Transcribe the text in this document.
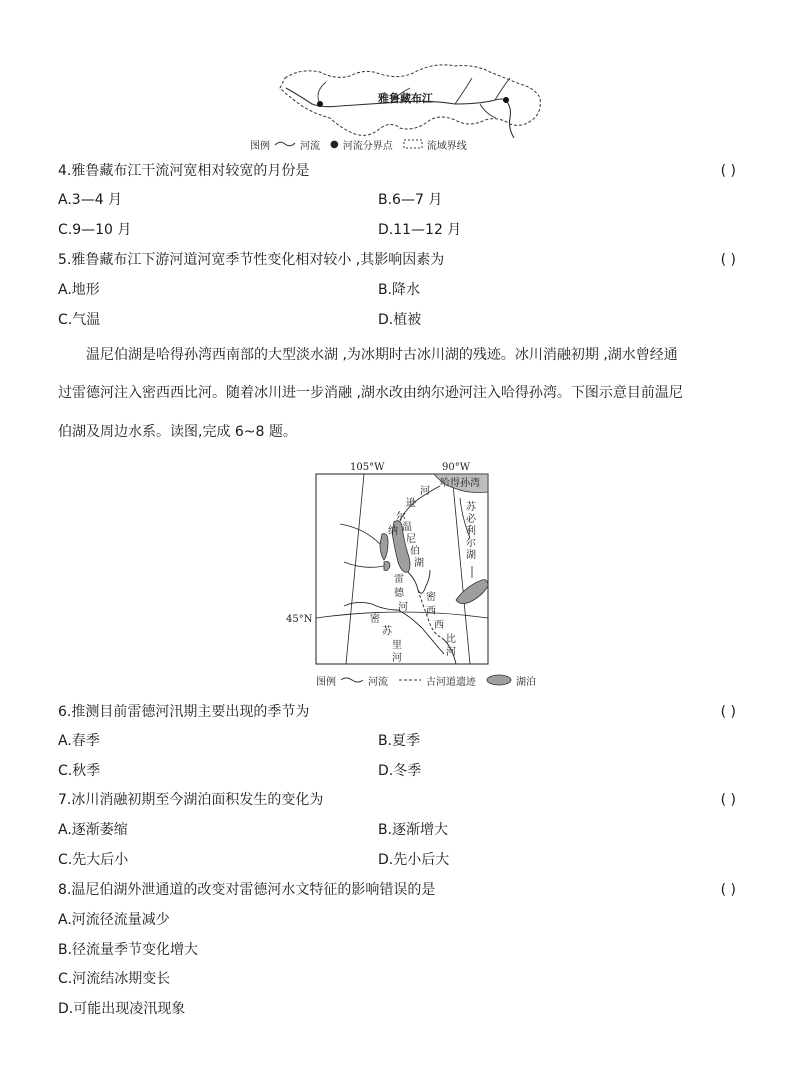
雅鲁藏布江
图例	河流 ● 河流分界点	流域界线
4.雅鲁藏布江干流河宽相对较宽的月份是	( )
A.3—4 月	B.6—7 月
C.9—10 月	D.11—12 月
5.雅鲁藏布江下游河道河宽季节性变化相对较小 ,其影响因素为	( )
A.地形	B.降水
C.气温	D.植被
温尼伯湖是哈得孙湾西南部的大型淡水湖 ,为冰期时古冰川湖的残迹。冰川消融初期 ,湖水曾经通
过雷德河注入密西西比河。随着冰川进一步消融 ,湖水改由纳尔逊河注入哈得孙湾。下图示意目前温尼
伯湖及周边水系。读图,完成 6~8 题。
105°W	90°W
45°N
哈得孙湾
纳
尔
逊
河
温
尼
伯
湖
雷
德
河
苏
必
利
尔
湖
密
苏
里
河
密
西
西
比
河
图例	河流	古河道遗迹	湖泊
6.推测目前雷德河汛期主要出现的季节为	( )
A.春季	B.夏季
C.秋季	D.冬季
7.冰川消融初期至今湖泊面积发生的变化为	( )
A.逐渐萎缩	B.逐渐增大
C.先大后小	D.先小后大
8.温尼伯湖外泄通道的改变对雷德河水文特征的影响错误的是	( )
A.河流径流量减少
B.径流量季节变化增大
C.河流结冰期变长
D.可能出现凌汛现象
